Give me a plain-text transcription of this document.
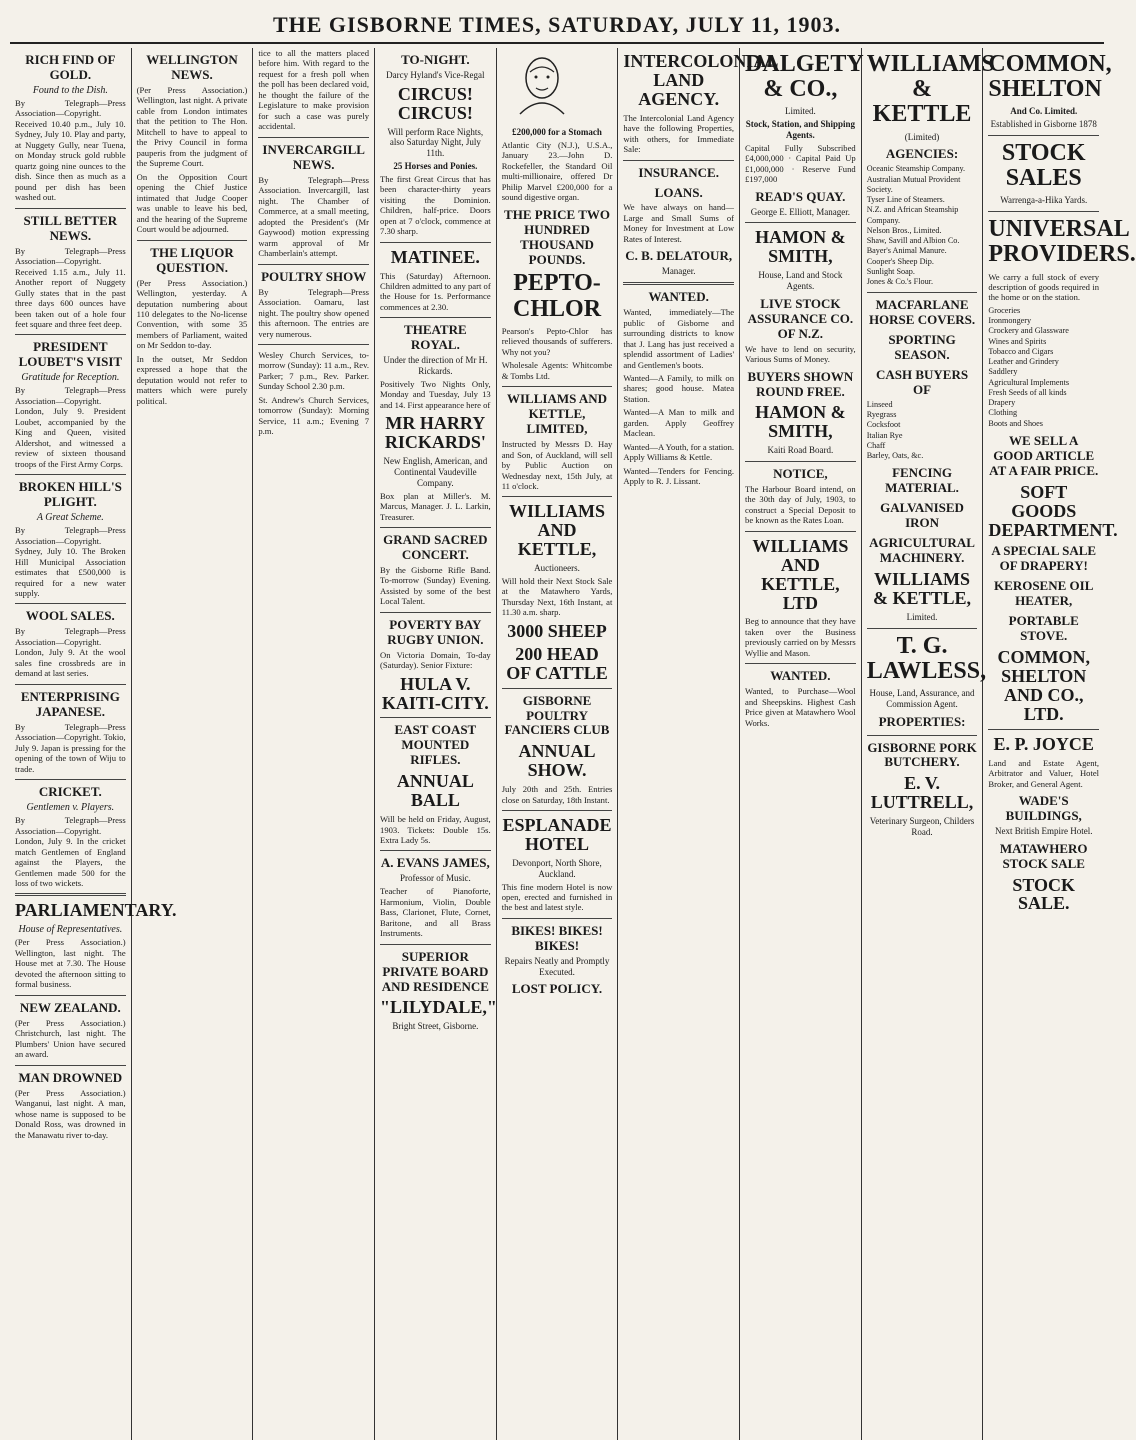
THE GISBORNE TIMES, SATURDAY, JULY 11, 1903.
RICH FIND OF GOLD.
Found to the Dish.

By Telegraph—Press Association—Copyright. Received 10.40 p.m., July 10. Sydney, July 10. Play and party, at Nuggety Gully, near Tuena, on Monday struck gold rubble quartz going nine ounces to the dish. Since then as much as a pound per dish has been washed out.

STILL BETTER NEWS.

By Telegraph—Press Association—Copyright. Received 1.15 a.m., July 11. Another report of Nuggety Gully states that in the past three days 600 ounces have been taken out of a hole four feet square and three feet deep.

PRESIDENT LOUBET'S VISIT
Gratitude for Reception.

By Telegraph—Press Association—Copyright. London, July 9. President Loubet, accompanied by the King and Queen, visited Aldershot, and witnessed a review of sixteen thousand troops of the First Army Corps.

BROKEN HILL'S PLIGHT.
A Great Scheme.

By Telegraph—Press Association—Copyright. Sydney, July 10. The Broken Hill Municipal Association estimates that £500,000 is required for a new water supply.

WOOL SALES.

By Telegraph—Press Association—Copyright. London, July 9. At the wool sales fine crossbreds are in demand at last series.

ENTERPRISING JAPANESE.

By Telegraph—Press Association—Copyright. Tokio, July 9. Japan is pressing for the opening of the town of Wiju to trade.

CRICKET.
Gentlemen v. Players.

By Telegraph—Press Association—Copyright. London, July 9. In the cricket match Gentlemen of England against the Players, the Gentlemen made 500 for the loss of two wickets.

PARLIAMENTARY.
House of Representatives.

(Per Press Association.) Wellington, last night. The House met at 7.30. The House devoted the afternoon sitting to formal business.

NEW ZEALAND.

(Per Press Association.) Christchurch, last night. The Plumbers' Union have secured an award.

MAN DROWNED

(Per Press Association.) Wanganui, last night. A man, whose name is supposed to be Donald Ross, was drowned in the Manawatu river to-day.

WELLINGTON NEWS.

(Per Press Association.) Wellington, last night. A private cable from London intimates that the petition to The Hon. Mitchell to have to appeal to the Privy Council in forma pauperis from the judgment of the Supreme Court.

On the Opposition Court opening the Chief Justice intimated that Judge Cooper was unable to leave his bed, and the hearing of the Supreme Court would be adjourned.

THE LIQUOR QUESTION.

(Per Press Association.) Wellington, yesterday. A deputation numbering about 110 delegates to the No-license Convention, with some 35 members of Parliament, waited on Mr Seddon to-day.

In the outset, Mr Seddon expressed a hope that the deputation would not refer to matters which were purely political.

tice to all the matters placed before him. With regard to the request for a fresh poll when the poll has been declared void, he thought the failure of the Legislature to make provision for such a case was purely accidental.

INVERCARGILL NEWS.

By Telegraph—Press Association. Invercargill, last night. The Chamber of Commerce, at a small meeting, adopted the President's (Mr Gaywood) motion expressing warm approval of Mr Chamberlain's attempt.

POULTRY SHOW

By Telegraph—Press Association. Oamaru, last night. The poultry show opened this afternoon. The entries are very numerous.

Wesley Church Services, to-morrow (Sunday): 11 a.m., Rev. Parker; 7 p.m., Rev. Parker. Sunday School 2.30 p.m.

St. Andrew's Church Services, tomorrow (Sunday): Morning Service, 11 a.m.; Evening 7 p.m.

TO-NIGHT.
Darcy Hyland's Vice-Regal
CIRCUS! CIRCUS!
Will perform Race Nights, also Saturday Night, July 11th.
25 Horses and Ponies.

The first Great Circus that has been character-thirty years visiting the Dominion. Children, half-price. Doors open at 7 o'clock, commence at 7.30 sharp.

MATINEE.

This (Saturday) Afternoon. Children admitted to any part of the House for 1s. Performance commences at 2.30.

THEATRE ROYAL.
Under the direction of Mr H. Rickards.

Positively Two Nights Only, Monday and Tuesday, July 13 and 14. First appearance here of

MR HARRY RICKARDS'
New English, American, and Continental Vaudeville Company.

Box plan at Miller's. M. Marcus, Manager. J. L. Larkin, Treasurer.

GRAND SACRED CONCERT.

By the Gisborne Rifle Band. To-morrow (Sunday) Evening. Assisted by some of the best Local Talent.

POVERTY BAY RUGBY UNION.

On Victoria Domain, To-day (Saturday). Senior Fixture:

HULA V. KAITI-CITY.
EAST COAST MOUNTED RIFLES.
ANNUAL BALL

Will be held on Friday, August, 1903. Tickets: Double 15s. Extra Lady 5s.

A. EVANS JAMES,
Professor of Music.

Teacher of Pianoforte, Harmonium, Violin, Double Bass, Clarionet, Flute, Cornet, Baritone, and all Brass Instruments.

SUPERIOR PRIVATE BOARD AND RESIDENCE
"LILYDALE,"
Bright Street, Gisborne.
£200,000 for a Stomach

Atlantic City (N.J.), U.S.A., January 23.—John D. Rockefeller, the Standard Oil multi-millionaire, offered Dr Philip Marvel £200,000 for a sound digestive organ.

THE PRICE TWO HUNDRED THOUSAND POUNDS.
PEPTO-CHLOR

Pearson's Pepto-Chlor has relieved thousands of sufferers. Why not you?

Wholesale Agents: Whitcombe & Tombs Ltd.

WILLIAMS AND KETTLE, LIMITED,

Instructed by Messrs D. Hay and Son, of Auckland, will sell by Public Auction on Wednesday next, 15th July, at 11 o'clock.

WILLIAMS AND KETTLE,
Auctioneers.

Will hold their Next Stock Sale at the Matawhero Yards, Thursday Next, 16th Instant, at 11.30 a.m. sharp.

3000 SHEEP
200 HEAD OF CATTLE
GISBORNE POULTRY FANCIERS CLUB
ANNUAL SHOW.

July 20th and 25th. Entries close on Saturday, 18th Instant.

ESPLANADE HOTEL
Devonport, North Shore, Auckland.

This fine modern Hotel is now open, erected and furnished in the best and latest style.

BIKES! BIKES! BIKES!
Repairs Neatly and Promptly Executed.
LOST POLICY.
INTERCOLONIAL LAND AGENCY.

The Intercolonial Land Agency have the following Properties, with others, for Immediate Sale:

INSURANCE.
LOANS.

We have always on hand—Large and Small Sums of Money for Investment at Low Rates of Interest.

C. B. DELATOUR,
Manager.
WANTED.

Wanted, immediately—The public of Gisborne and surrounding districts to know that J. Lang has just received a splendid assortment of Ladies' and Gentlemen's boots.

Wanted—A Family, to milk on shares; good house. Matea Station.

Wanted—A Man to milk and garden. Apply Geoffrey Maclean.

Wanted—A Youth, for a station. Apply Williams & Kettle.

Wanted—Tenders for Fencing. Apply to R. J. Lissant.

DALGETY & CO.,
Limited.
Stock, Station, and Shipping Agents.

Capital Fully Subscribed £4,000,000 · Capital Paid Up £1,000,000 · Reserve Fund £197,000

READ'S QUAY.
George E. Elliott, Manager.
HAMON & SMITH,
House, Land and Stock Agents.
LIVE STOCK ASSURANCE CO. OF N.Z.

We have to lend on security, Various Sums of Money.

BUYERS SHOWN ROUND FREE.
HAMON & SMITH,
Kaiti Road Board.
NOTICE,

The Harbour Board intend, on the 30th day of July, 1903, to construct a Special Deposit to be known as the Rates Loan.

WILLIAMS AND KETTLE, LTD

Beg to announce that they have taken over the Business previously carried on by Messrs Wyllie and Mason.

WANTED.

Wanted, to Purchase—Wool and Sheepskins. Highest Cash Price given at Matawhero Wool Works.

WILLIAMS & KETTLE
(Limited)
AGENCIES:
Oceanic Steamship Company.
Australian Mutual Provident Society.
Tyser Line of Steamers.
N.Z. and African Steamship Company.
Nelson Bros., Limited.
Shaw, Savill and Albion Co.
Bayer's Animal Manure.
Cooper's Sheep Dip.
Sunlight Soap.
Jones & Co.'s Flour.
MACFARLANE HORSE COVERS.
SPORTING SEASON.
CASH BUYERS OF
Linseed
Ryegrass
Cocksfoot
Italian Rye
Chaff
Barley, Oats, &c.
FENCING MATERIAL.
GALVANISED IRON
AGRICULTURAL MACHINERY.
WILLIAMS & KETTLE,
Limited.
T. G. LAWLESS,
House, Land, Assurance, and Commission Agent.
PROPERTIES:
GISBORNE PORK BUTCHERY.
E. V. LUTTRELL,
Veterinary Surgeon, Childers Road.
COMMON, SHELTON
And Co. Limited.
Established in Gisborne 1878
STOCK SALES
Warrenga-a-Hika Yards.
UNIVERSAL PROVIDERS.

We carry a full stock of every description of goods required in the home or on the station.

Groceries
Ironmongery
Crockery and Glassware
Wines and Spirits
Tobacco and Cigars
Leather and Grindery
Saddlery
Agricultural Implements
Fresh Seeds of all kinds
Drapery
Clothing
Boots and Shoes
WE SELL A GOOD ARTICLE AT A FAIR PRICE.
SOFT GOODS DEPARTMENT.
A SPECIAL SALE OF DRAPERY!
KEROSENE OIL HEATER,
PORTABLE STOVE.
COMMON, SHELTON AND CO., LTD.
E. P. JOYCE

Land and Estate Agent, Arbitrator and Valuer, Hotel Broker, and General Agent.

WADE'S BUILDINGS,
Next British Empire Hotel.
MATAWHERO STOCK SALE
STOCK SALE.
